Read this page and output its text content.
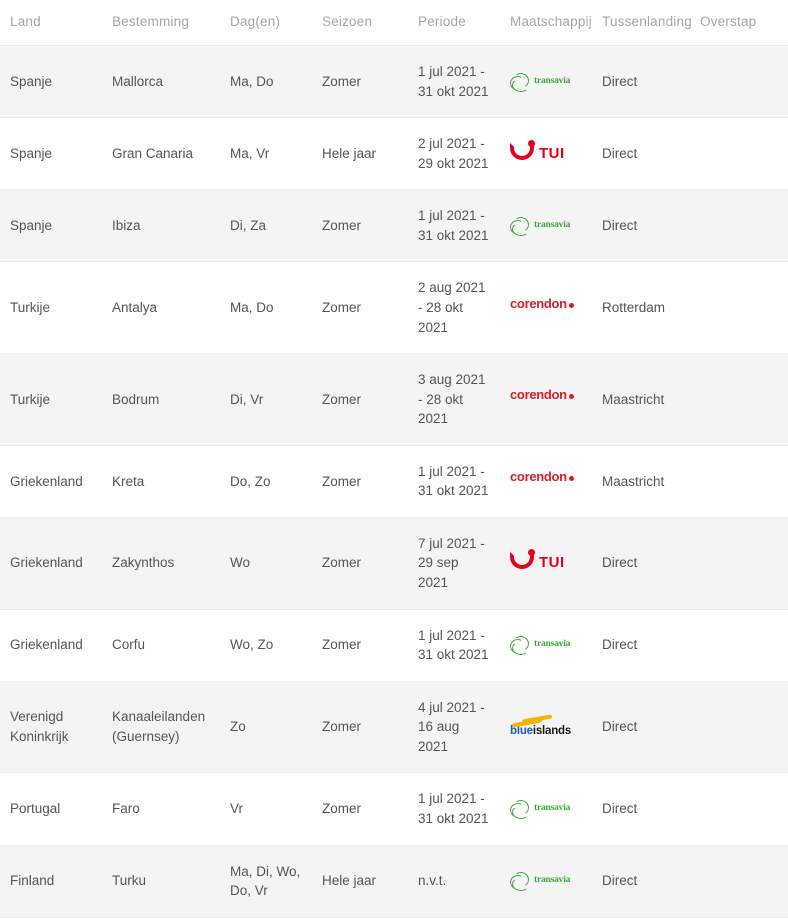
Land	Bestemming	Dag(en)	Seizoen	Periode	Maatschappij	Tussenlanding	Overstap
Spanje	Mallorca	Ma, Do	Zomer	1 jul 2021 - 31 okt 2021	transavia	Direct	
Spanje	Gran Canaria	Ma, Vr	Hele jaar	2 jul 2021 - 29 okt 2021	TUI	Direct	
Spanje	Ibiza	Di, Za	Zomer	1 jul 2021 - 31 okt 2021	transavia	Direct	
Turkije	Antalya	Ma, Do	Zomer	2 aug 2021 - 28 okt 2021	corendon	Rotterdam	
Turkije	Bodrum	Di, Vr	Zomer	3 aug 2021 - 28 okt 2021	corendon	Maastricht	
Griekenland	Kreta	Do, Zo	Zomer	1 jul 2021 - 31 okt 2021	corendon	Maastricht	
Griekenland	Zakynthos	Wo	Zomer	7 jul 2021 - 29 sep 2021	TUI	Direct	
Griekenland	Corfu	Wo, Zo	Zomer	1 jul 2021 - 31 okt 2021	transavia	Direct	
Verenigd Koninkrijk	Kanaaleilanden (Guernsey)	Zo	Zomer	4 jul 2021 - 16 aug 2021	blueislands	Direct	
Portugal	Faro	Vr	Zomer	1 jul 2021 - 31 okt 2021	transavia	Direct	
Finland	Turku	Ma, Di, Wo, Do, Vr	Hele jaar	n.v.t.	transavia	Direct	
